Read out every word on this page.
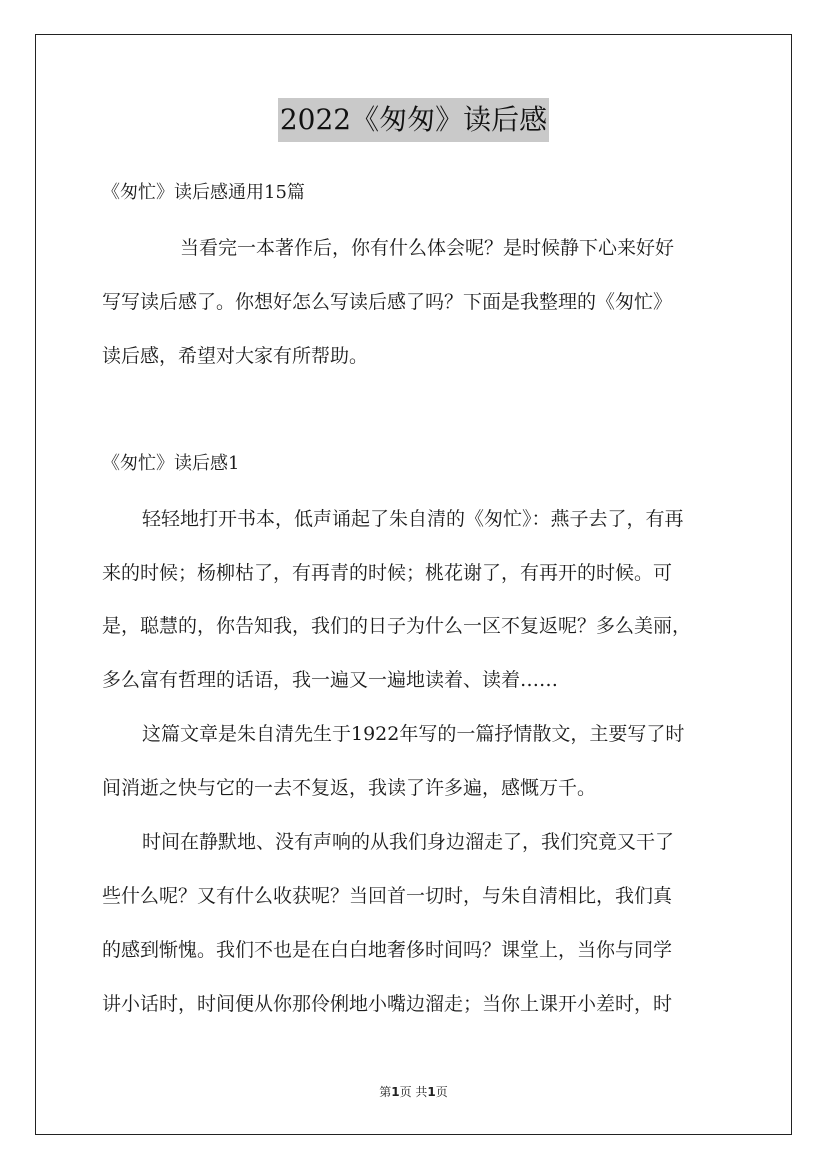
2022《匆匆》读后感
《匆忙》读后感通用15篇
当看完一本著作后，你有什么体会呢？是时候静下心来好好
写写读后感了。你想好怎么写读后感了吗？下面是我整理的《匆忙》
读后感，希望对大家有所帮助。
《匆忙》读后感1
轻轻地打开书本，低声诵起了朱自清的《匆忙》：燕子去了，有再
来的时候；杨柳枯了，有再青的时候；桃花谢了，有再开的时候。可
是，聪慧的，你告知我，我们的日子为什么一区不复返呢？多么美丽，
多么富有哲理的话语，我一遍又一遍地读着、读着……
这篇文章是朱自清先生于1922年写的一篇抒情散文，主要写了时
间消逝之快与它的一去不复返，我读了许多遍，感慨万千。
时间在静默地、没有声响的从我们身边溜走了，我们究竟又干了
些什么呢？又有什么收获呢？当回首一切时，与朱自清相比，我们真
的感到惭愧。我们不也是在白白地奢侈时间吗？课堂上，当你与同学
讲小话时，时间便从你那伶俐地小嘴边溜走；当你上课开小差时，时
第1页 共1页
